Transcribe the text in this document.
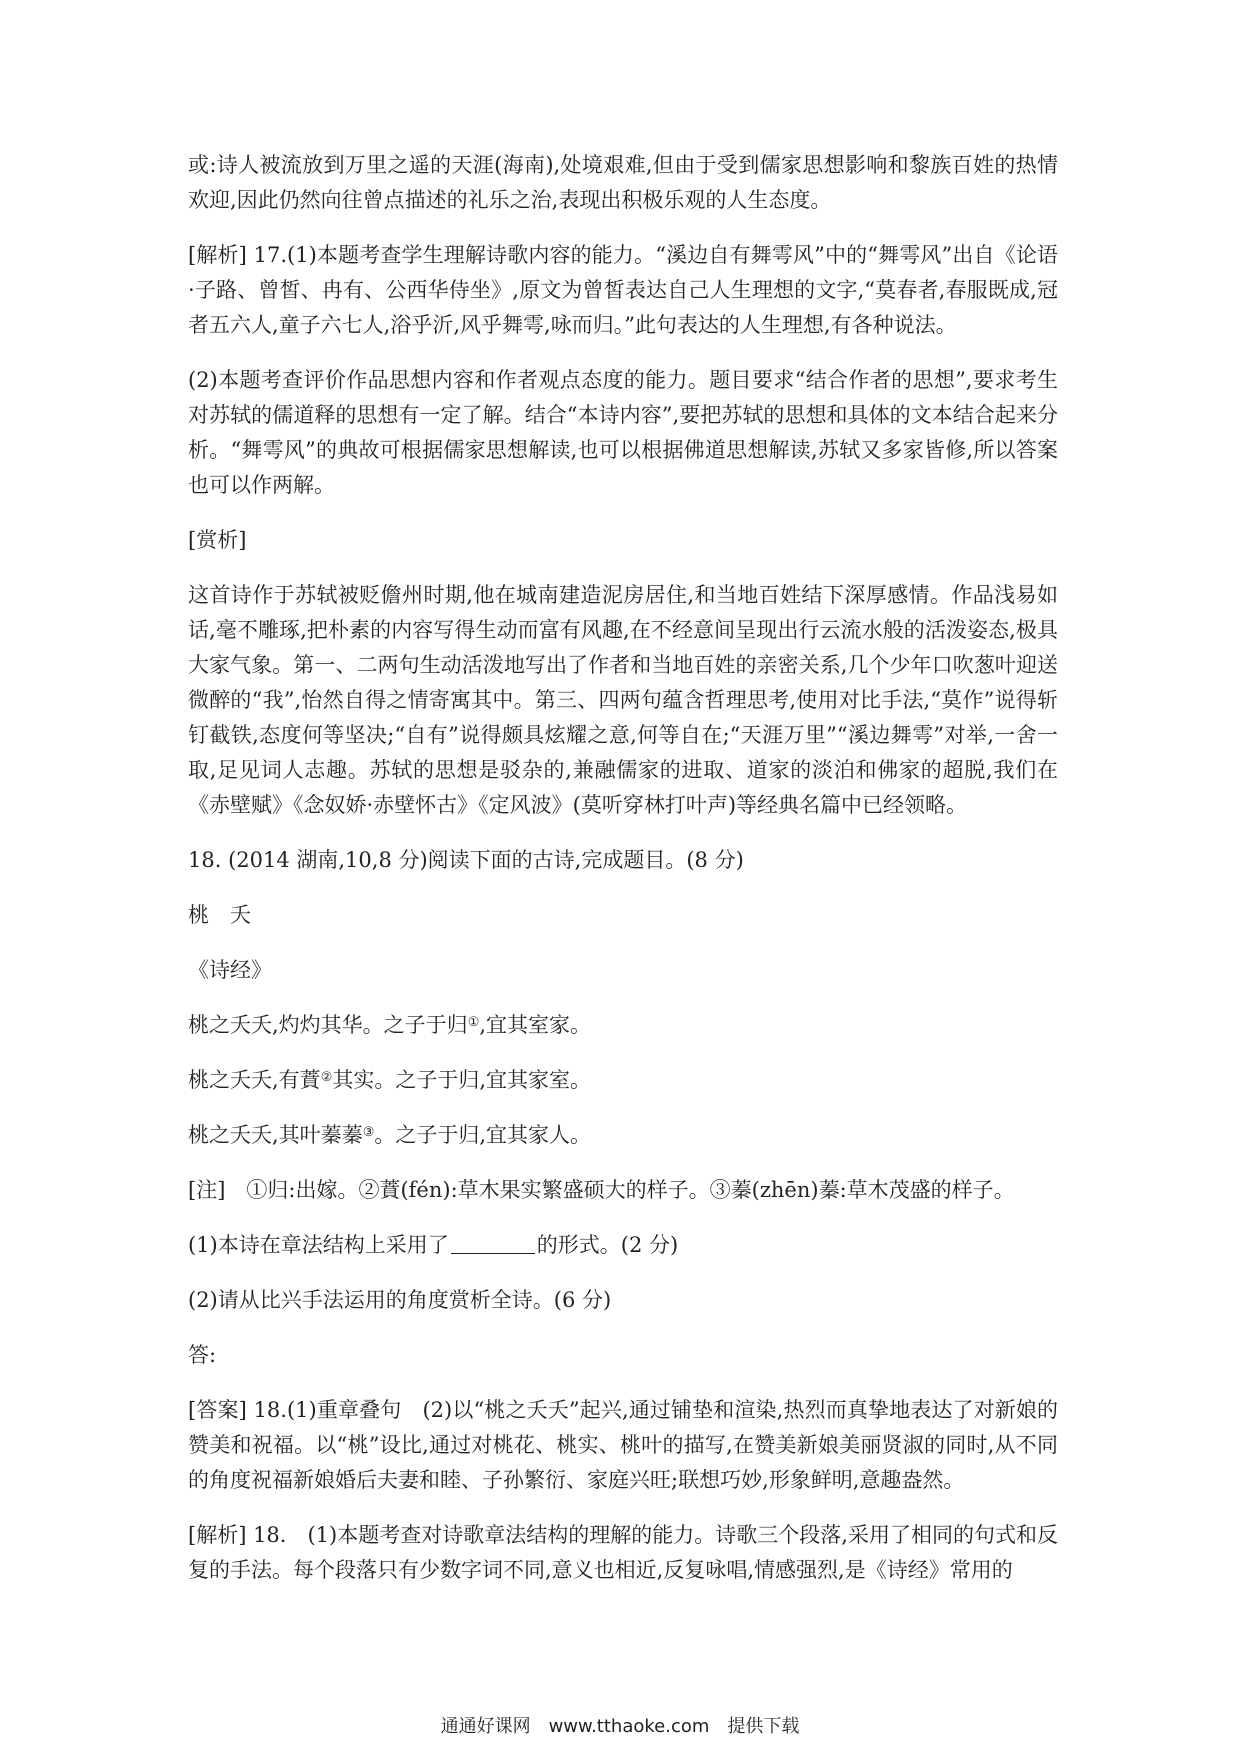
或:诗人被流放到万里之遥的天涯(海南),处境艰难,但由于受到儒家思想影响和黎族百姓的热情欢迎,因此仍然向往曾点描述的礼乐之治,表现出积极乐观的人生态度。

[解析] 17.(1)本题考查学生理解诗歌内容的能力。“溪边自有舞雩风”中的“舞雩风”出自《论语·子路、曾皙、冉有、公西华侍坐》,原文为曾皙表达自己人生理想的文字,“莫春者,春服既成,冠者五六人,童子六七人,浴乎沂,风乎舞雩,咏而归。”此句表达的人生理想,有各种说法。

(2)本题考查评价作品思想内容和作者观点态度的能力。题目要求“结合作者的思想”,要求考生对苏轼的儒道释的思想有一定了解。结合“本诗内容”,要把苏轼的思想和具体的文本结合起来分析。“舞雩风”的典故可根据儒家思想解读,也可以根据佛道思想解读,苏轼又多家皆修,所以答案也可以作两解。

[赏析]

这首诗作于苏轼被贬儋州时期,他在城南建造泥房居住,和当地百姓结下深厚感情。作品浅易如话,毫不雕琢,把朴素的内容写得生动而富有风趣,在不经意间呈现出行云流水般的活泼姿态,极具大家气象。第一、二两句生动活泼地写出了作者和当地百姓的亲密关系,几个少年口吹葱叶迎送微醉的“我”,怡然自得之情寄寓其中。第三、四两句蕴含哲理思考,使用对比手法,“莫作”说得斩钉截铁,态度何等坚决;“自有”说得颇具炫耀之意,何等自在;“天涯万里”“溪边舞雩”对举,一舍一取,足见词人志趣。苏轼的思想是驳杂的,兼融儒家的进取、道家的淡泊和佛家的超脱,我们在《赤壁赋》《念奴娇·赤壁怀古》《定风波》(莫听穿林打叶声)等经典名篇中已经领略。

18. (2014 湖南,10,8 分)阅读下面的古诗,完成题目。(8 分)

桃　夭

《诗经》

桃之夭夭,灼灼其华。之子于归①,宜其室家。

桃之夭夭,有蕡②其实。之子于归,宜其家室。

桃之夭夭,其叶蓁蓁③。之子于归,宜其家人。

[注]　①归:出嫁。②蕡(fén):草木果实繁盛硕大的样子。③蓁(zhēn)蓁:草木茂盛的样子。

(1)本诗在章法结构上采用了	的形式。(2 分)

(2)请从比兴手法运用的角度赏析全诗。(6 分)

答:

[答案] 18.(1)重章叠句　(2)以“桃之夭夭”起兴,通过铺垫和渲染,热烈而真挚地表达了对新娘的赞美和祝福。以“桃”设比,通过对桃花、桃实、桃叶的描写,在赞美新娘美丽贤淑的同时,从不同的角度祝福新娘婚后夫妻和睦、子孙繁衍、家庭兴旺;联想巧妙,形象鲜明,意趣盎然。

[解析] 18.　(1)本题考查对诗歌章法结构的理解的能力。诗歌三个段落,采用了相同的句式和反复的手法。每个段落只有少数字词不同,意义也相近,反复咏唱,情感强烈,是《诗经》常用的

通通好课网　www.tthaoke.com　提供下载
